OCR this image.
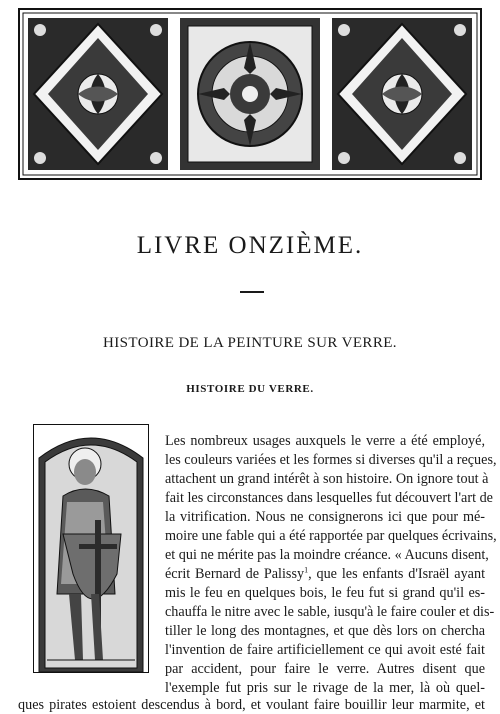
LIVRE ONZIÈME.
HISTOIRE DE LA PEINTURE SUR VERRE.
HISTOIRE DU VERRE.
Les nombreux usages auxquels le verre a été employé,
les couleurs variées et les formes si diverses qu'il a reçues,
attachent un grand intérêt à son histoire. On ignore tout à
fait les circonstances dans lesquelles fut découvert l'art de
la vitrification. Nous ne consignerons ici que pour mé-
moire une fable qui a été rapportée par quelques écrivains,
et qui ne mérite pas la moindre créance. « Aucuns disent,
écrit Bernard de Palissy$^1$, que les enfants d'Israël ayant
mis le feu en quelques bois, le feu fut si grand qu'il es-
chauffa le nitre avec le sable, iusqu'à le faire couler et dis-
tiller le long des montagnes, et que dès lors on chercha
l'invention de faire artificiellement ce qui avoit esté fait
par accident, pour faire le verre. Autres disent que
l'exemple fut pris sur le rivage de la mer, là où quel-
ques pirates estoient descendus à bord, et voulant faire bouillir leur marmite, et
